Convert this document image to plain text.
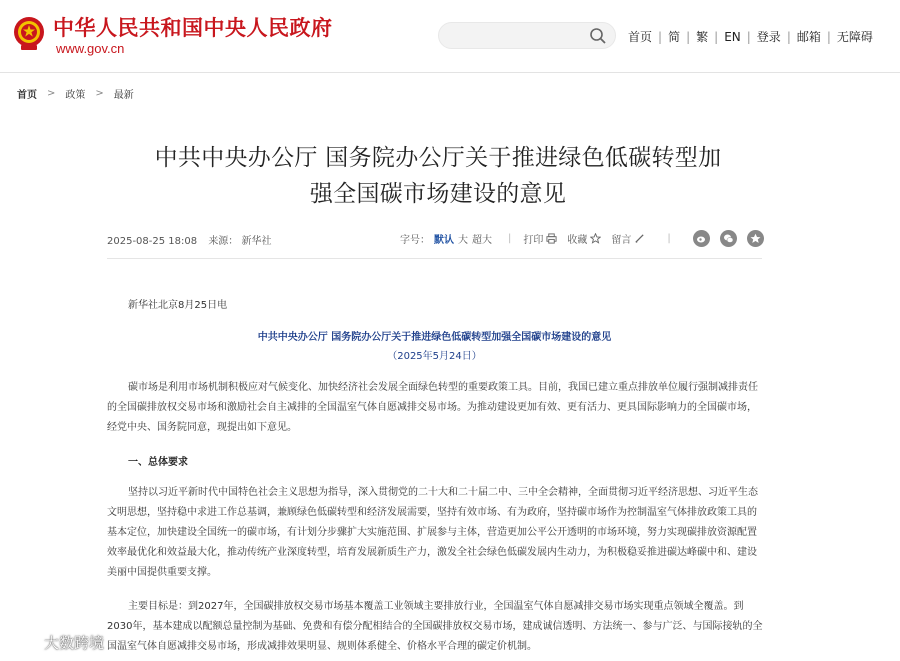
中华人民共和国中央人民政府
www.gov.cn
首页 | 简 | 繁 | EN | 登录 | 邮箱 | 无障碍
首页 > 政策 > 最新
中共中央办公厅 国务院办公厅关于推进绿色低碳转型加
强全国碳市场建设的意见
2025-08-25 18:08 来源： 新华社	字号： 默认 大 超大 | 打印 收藏 留言	|
新华社北京8月25日电
中共中央办公厅 国务院办公厅关于推进绿色低碳转型加强全国碳市场建设的意见
（2025年5月24日）
碳市场是利用市场机制积极应对气候变化、加快经济社会发展全面绿色转型的重要政策工具。目前，我国已建立重点排放单位履行强制减排责任的全国碳排放权交易市场和激励社会自主减排的全国温室气体自愿减排交易市场。为推动建设更加有效、更有活力、更具国际影响力的全国碳市场，经党中央、国务院同意，现提出如下意见。
一、总体要求
坚持以习近平新时代中国特色社会主义思想为指导，深入贯彻党的二十大和二十届二中、三中全会精神，全面贯彻习近平经济思想、习近平生态文明思想，坚持稳中求进工作总基调，兼顾绿色低碳转型和经济发展需要，坚持有效市场、有为政府，坚持碳市场作为控制温室气体排放政策工具的基本定位，加快建设全国统一的碳市场，有计划分步骤扩大实施范围、扩展参与主体，营造更加公平公开透明的市场环境，努力实现碳排放资源配置效率最优化和效益最大化，推动传统产业深度转型，培育发展新质生产力，激发全社会绿色低碳发展内生动力，为积极稳妥推进碳达峰碳中和、建设美丽中国提供重要支撑。
主要目标是：到2027年，全国碳排放权交易市场基本覆盖工业领域主要排放行业，全国温室气体自愿减排交易市场实现重点领域全覆盖。到2030年，基本建成以配额总量控制为基础、免费和有偿分配相结合的全国碳排放权交易市场，建成诚信透明、方法统一、参与广泛、与国际接轨的全国温室气体自愿减排交易市场，形成减排效果明显、规则体系健全、价格水平合理的碳定价机制。
大数跨境
